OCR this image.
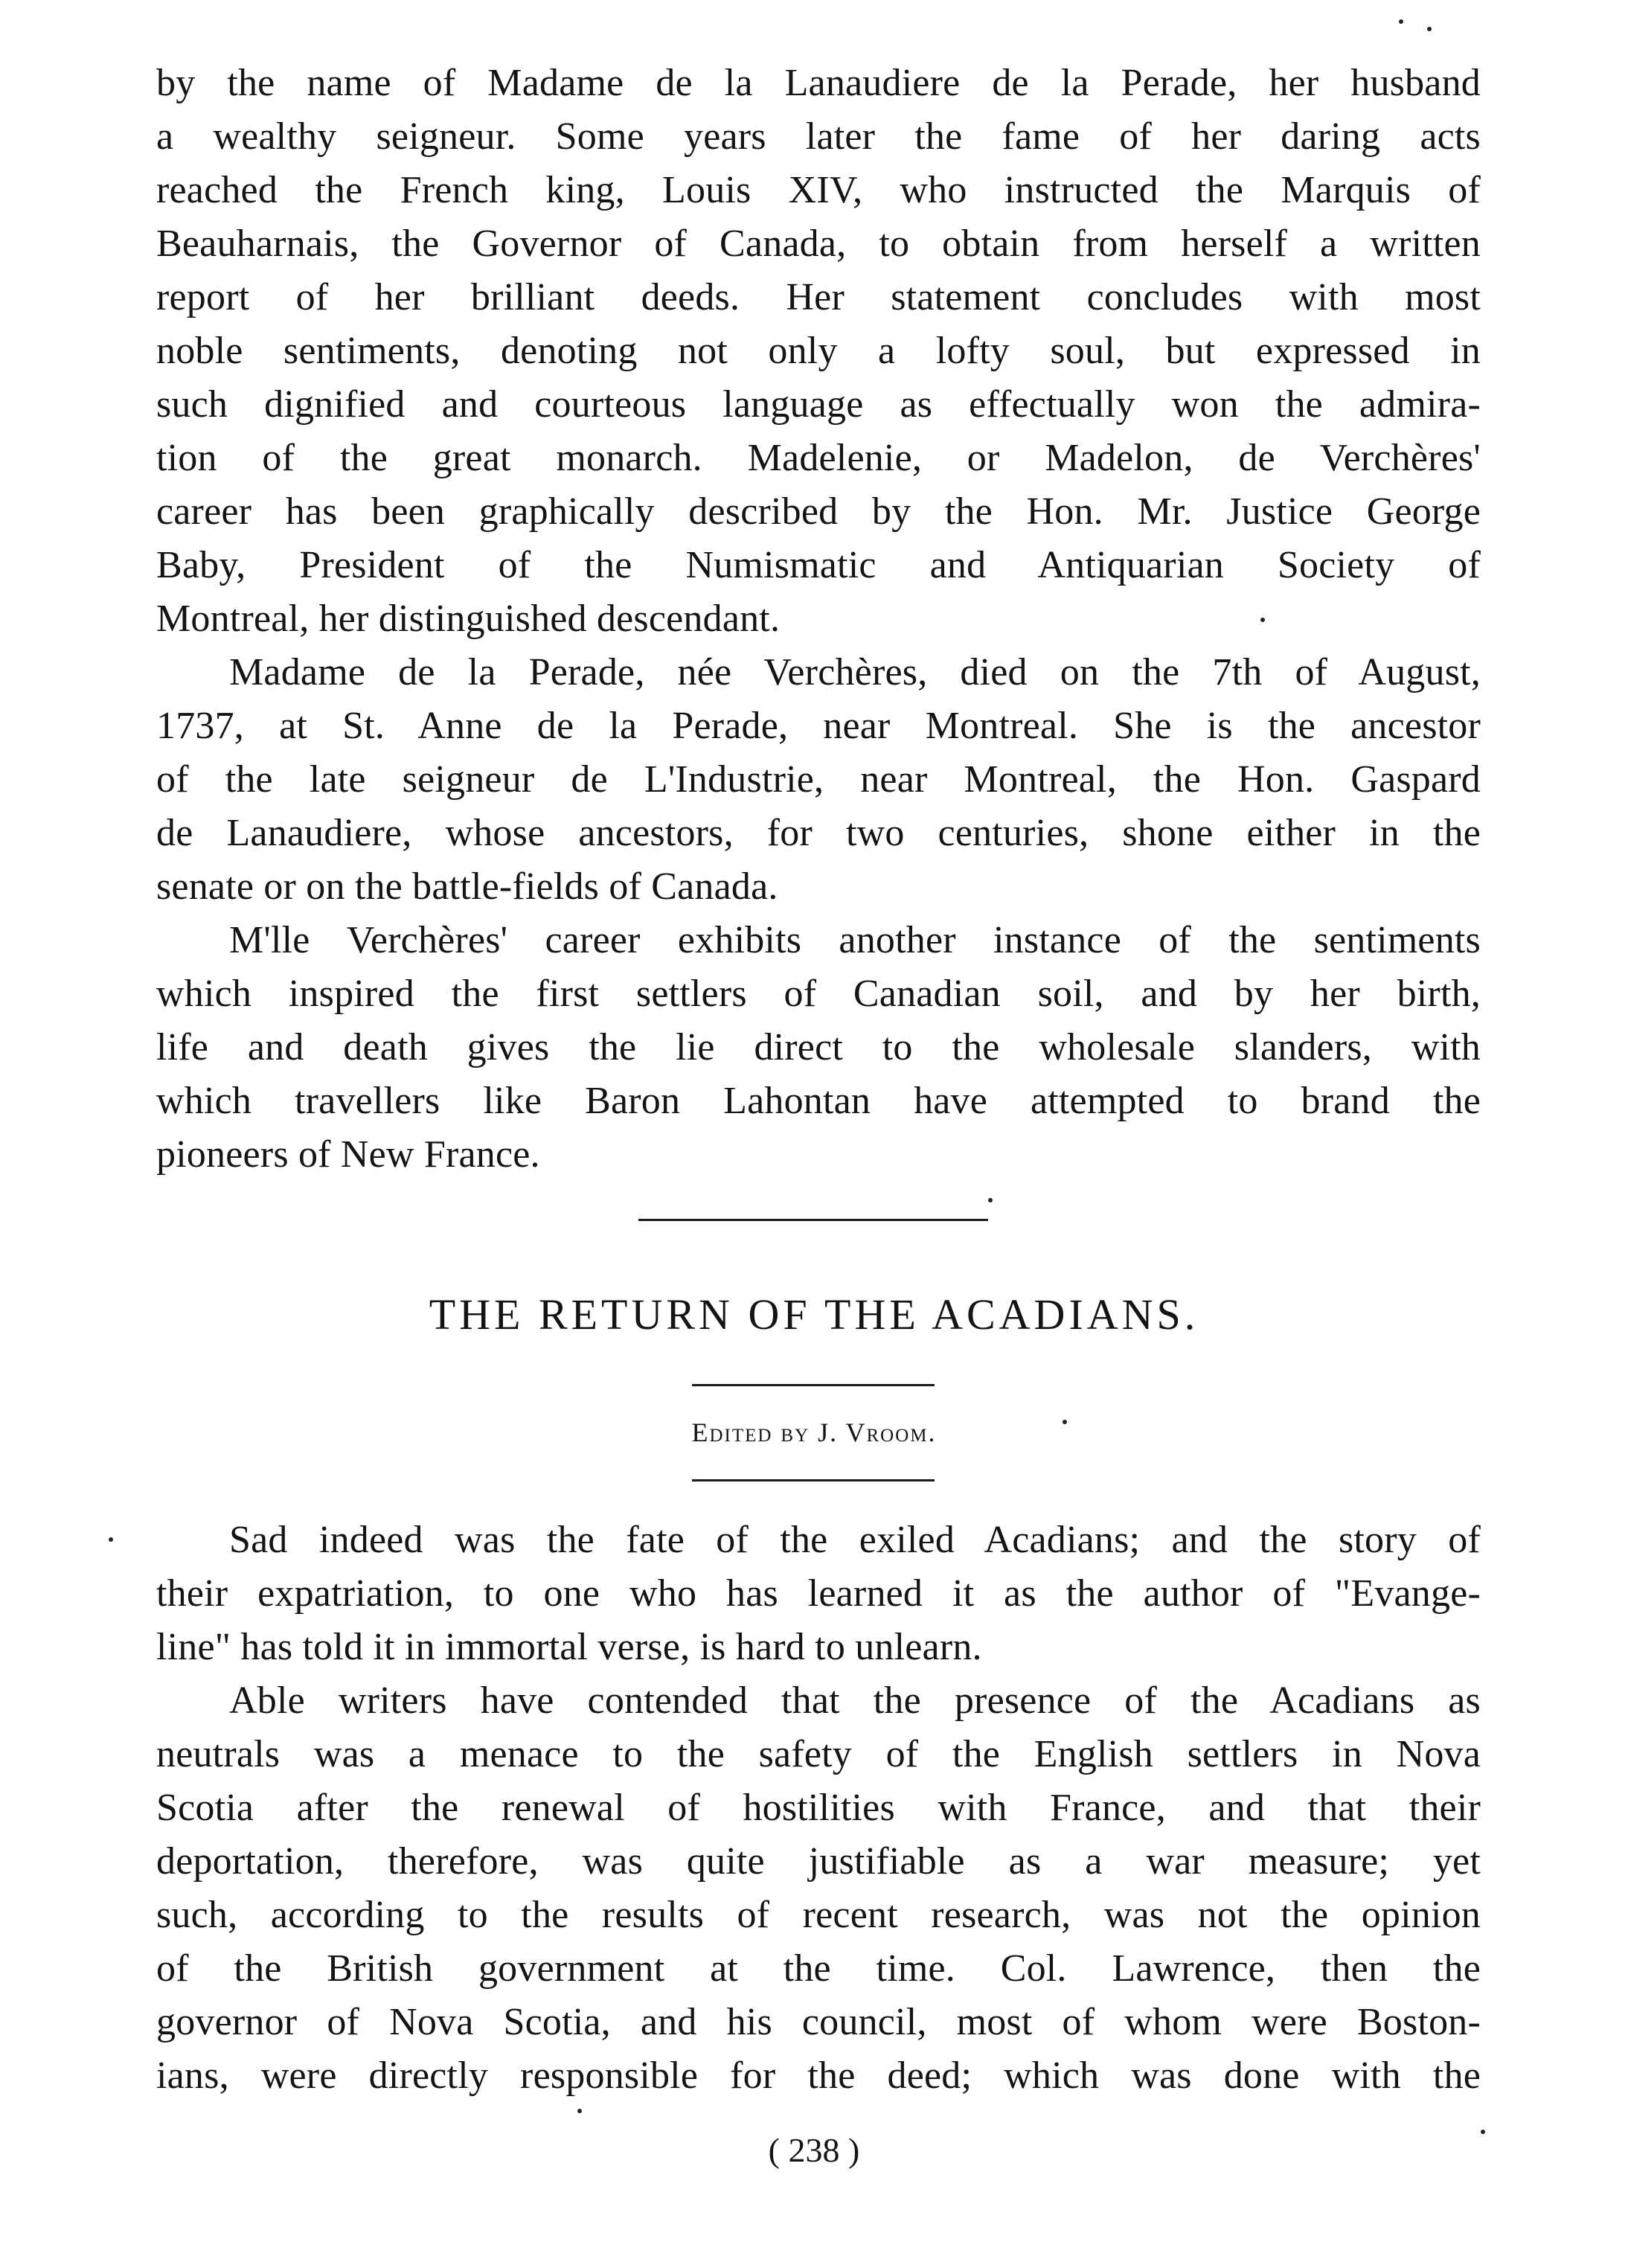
by the name of Madame de la Lanaudiere de la Perade, her husband
a wealthy seigneur. Some years later the fame of her daring acts
reached the French king, Louis XIV, who instructed the Marquis of
Beauharnais, the Governor of Canada, to obtain from herself a written
report of her brilliant deeds. Her statement concludes with most
noble sentiments, denoting not only a lofty soul, but expressed in
such dignified and courteous language as effectually won the admira-
tion of the great monarch. Madelenie, or Madelon, de Verchères'
career has been graphically described by the Hon. Mr. Justice George
Baby, President of the Numismatic and Antiquarian Society of
Montreal, her distinguished descendant.
Madame de la Perade, née Verchères, died on the 7th of August,
1737, at St. Anne de la Perade, near Montreal. She is the ancestor
of the late seigneur de L'Industrie, near Montreal, the Hon. Gaspard
de Lanaudiere, whose ancestors, for two centuries, shone either in the
senate or on the battle-fields of Canada.
M'lle Verchères' career exhibits another instance of the sentiments
which inspired the first settlers of Canadian soil, and by her birth,
life and death gives the lie direct to the wholesale slanders, with
which travellers like Baron Lahontan have attempted to brand the
pioneers of New France.
THE RETURN OF THE ACADIANS.
Edited by J. Vroom.
Sad indeed was the fate of the exiled Acadians; and the story of
their expatriation, to one who has learned it as the author of "Evange-
line" has told it in immortal verse, is hard to unlearn.
Able writers have contended that the presence of the Acadians as
neutrals was a menace to the safety of the English settlers in Nova
Scotia after the renewal of hostilities with France, and that their
deportation, therefore, was quite justifiable as a war measure; yet
such, according to the results of recent research, was not the opinion
of the British government at the time. Col. Lawrence, then the
governor of Nova Scotia, and his council, most of whom were Boston-
ians, were directly responsible for the deed; which was done with the
( 238 )
